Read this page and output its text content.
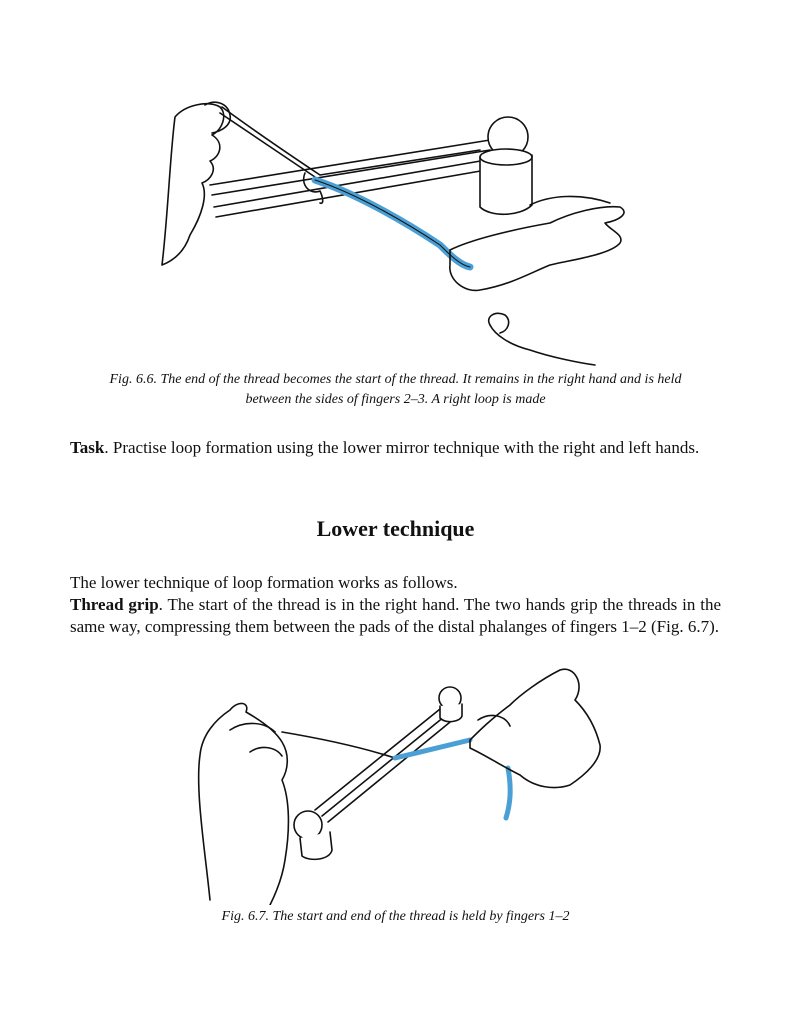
Fig. 6.6. The end of the thread becomes the start of the thread. It remains in the right hand and is held
between the sides of fingers 2–3. A right loop is made
Task. Practise loop formation using the lower mirror technique with the right and left hands.
Lower technique
The lower technique of loop formation works as follows.
Thread grip. The start of the thread is in the right hand. The two hands grip the threads in the same way, compressing them between the pads of the distal phalanges of fingers 1–2 (Fig. 6.7).
Fig. 6.7. The start and end of the thread is held by fingers 1–2
